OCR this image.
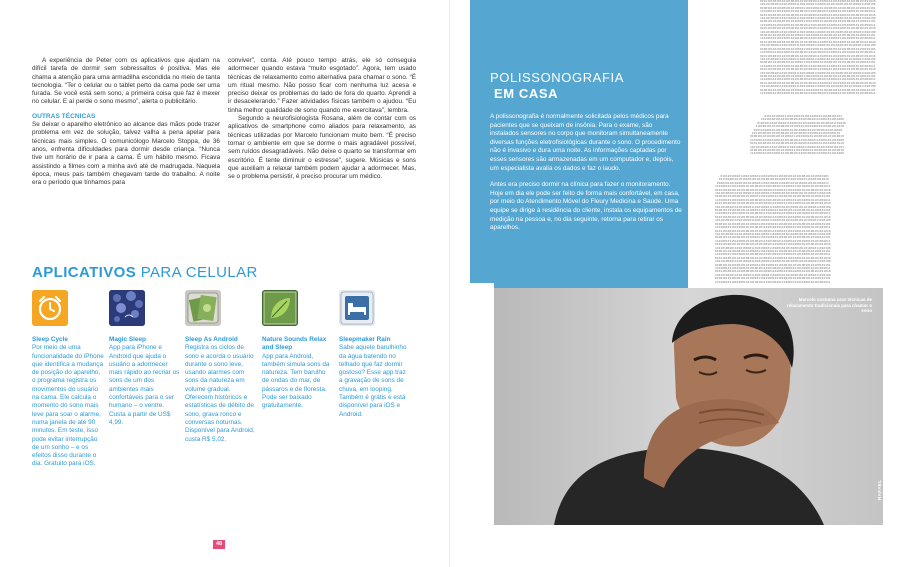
A experiência de Peter com os aplicativos que ajudam na difícil tarefa de dormir sem sobressaltos é positiva. Mas ele chama a atenção para uma armadilha escondida no meio de tanta tecnologia. “Ter o celular ou o tablet perto da cama pode ser uma furada. Se você está sem sono, a primeira coisa que faz é mexer no celular. E aí perde o sono mesmo”, alerta o publicitário.

OUTRAS TÉCNICAS

Se deixar o aparelho eletrônico ao alcance das mãos pode trazer problema em vez de solução, talvez valha a pena apelar para técnicas mais simples. O comunicólogo Marcelo Stoppa, de 36 anos, enfrenta dificuldades para dormir desde criança. “Nunca tive um horário de ir para a cama. É um hábito mesmo. Ficava assistindo a filmes com a minha avó até de madrugada. Naquela época, meus pais também chegavam tarde do trabalho. A noite era o período que tínhamos para

conviver”, conta. Até pouco tempo atrás, ele só conseguia adormecer quando estava “muito esgotado”. Agora, tem usado técnicas de relaxamento como alternativa para chamar o sono. “É um ritual mesmo. Não posso ficar com nenhuma luz acesa e preciso deixar os problemas do lado de fora do quarto. Aprendi a ir desacelerando.” Fazer atividades físicas também o ajudou. “Eu tinha melhor qualidade de sono quando me exercitava”, lembra.

Segundo a neurofisiologista Rosana, além de contar com os aplicativos de smartphone como aliados para relaxamento, as técnicas utilizadas por Marcelo funcionam muito bem. “É preciso tornar o ambiente em que se dorme o mais agradável possível, sem ruídos desagradáveis. Não deixe o quarto se transformar em escritório. É tente diminuir o estresse”, sugere. Músicas e sons que auxiliam a relaxar também podem ajudar a adormecer. Mas, se o problema persistir, é preciso procurar um médico.

APLICATIVOS PARA CELULAR
Sleep Cycle
Por meio de uma funcionalidade do iPhone que identifica a mudança de posição do aparelho, o programa registra os movimentos do usuário na cama. Ele calcula o momento do sono mais leve para soar o alarme, numa janela de até 90 minutos. Em teste, isso pode evitar interrupção de um sonho – e os efeitos disso durante o dia. Gratuito para iOS.
Magic Sleep
App para iPhone e Android que ajuda o usuário a adormecer mais rápido ao recriar os sons de um dos ambientes mais confortáveis para o ser humano – o ventre. Custa a partir de US$ 4,99.
Sleep As Android
Registra os ciclos de sono e acorda o usuário durante o sono leve, usando alarmes com sons da natureza em volume gradual. Oferecem históricos e estatísticas de débito de sono, grava ronco e conversas noturnas. Disponível para Android, custa R$ 5,02.
Nature Sounds Relax and Sleep
App para Android, também simula sons da natureza. Tem barulho de ondas do mar, de pássaros e de floresta. Pode ser baixado gratuitamente.
Sleepmaker Rain
Sabe aquele barulhinho da água batendo no telhado que faz dormir gostoso? Esse app traz a gravação de sons de chuva, em looping. Também é grátis e está disponível para iOS e Android.
48
0101101001011010100101101010010110100101101010010110100101011010
1011010010110101001011010100101101001011010100101101001011010100
0100101101010010110100101101010010110100101101010010110100101101
1101001011010100101101001011010100101101001011010100101101001011
0101101001011010100101101010010110100101101010010110100101011010
1011010010110101001011010100101101001011010100101101001011010100
0100101101010010110100101101010010110100101101010010110100101101
1101001011010100101101001011010100101101001011010100101101001011
0101101001011010100101101010010110100101101010010110100101011010
1011010010110101001011010100101101001011010100101101001011010100
0100101101010010110100101101010010110100101101010010110100101101
1101001011010100101101001011010100101101001011010100101101001011
0101101001011010100101101010010110100101101010010110100101011010
1011010010110101001011010100101101001011010100101101001011010100
0100101101010010110100101101010010110100101101010010110100101101
1101001011010100101101001011010100101101001011010100101101001011
0101101001011010100101101010010110100101101010010110100101011010
1011010010110101001011010100101101001011010100101101001011010100
0100101101010010110100101101010010110100101101010010110100101101
1101001011010100101101001011010100101101001011010100101101001011
0101101001011010100101101010010110100101101010010110100101011010
1011010010110101001011010100101101001011010100101101001011010100
0100101101010010110100101101010010110100101101010010110100101101
1101001011010100101101001011010100101101001011010100101101001011
0101101001011010100101101010010110100101101010010110100101011010
1011010010110101001011010100101101001011010100101101001011010100
0100101101010010110100101101010010110100101101010010110100101101
1101001011010100101101001011010100101101001011010100101101001011
0101101001011010100101101010010110100101101
1011010010110101001011010100101101001011010100
0100101101010010110100101101010010110100101101010
1101001011010100101101001011010100101101001011010
0101101001011010100101101010010110100101101010010
1011010010110101001011010100101101001011010100101
0100101101010010110100101101010010110100101101010010
1101001011010100101101001011010100101101001011010100
0101101001011010100101101010010110100101101010010110
1011010010110101001011010100101101001011010100101101
0100101101010010110100101101010010110100101101010010
1101001011010100101101001011010100101101001011010100
010110100101101010010110101001011010010110101001011010010101
1011010010110101001011010100101101001011010100101101001011010
01001011010100101101001011010100101101001011010100101101001011
1101001011010100101101001011010100101101001011010100101101001011
0101101001011010100101101010010110100101101010010110100101011010
1011010010110101001011010100101101001011010100101101001011010100
0100101101010010110100101101010010110100101101010010110100101101
1101001011010100101101001011010100101101001011010100101101001011
0101101001011010100101101010010110100101101010010110100101011010
1011010010110101001011010100101101001011010100101101001011010100
0100101101010010110100101101010010110100101101010010110100101101
1101001011010100101101001011010100101101001011010100101101001011
0101101001011010100101101010010110100101101010010110100101011010
1011010010110101001011010100101101001011010100101101001011010100
0100101101010010110100101101010010110100101101010010110100101101
1101001011010100101101001011010100101101001011010100101101001011
0101101001011010100101101010010110100101101010010110100101011010
1011010010110101001011010100101101001011010100101101001011010100
0100101101010010110100101101010010110100101101010010110100101101
1101001011010100101101001011010100101101001011010100101101001011
0101101001011010100101101010010110100101101010010110100101011010
1011010010110101001011010100101101001011010100101101001011010100
0100101101010010110100101101010010110100101101010010110100101101
1101001011010100101101001011010100101101001011010100101101001011
0101101001011010100101101010010110100101101010010110100101011010
1011010010110101001011010100101101001011010100101101001011010100
0100101101010010110100101101010010110100101101010010110100101101
1101001011010100101101001011010100101101001011010100101101001011
0101101001011010100101101010010110100101101010010110100101011010
1011010010110101001011010100101101001011010100101101001011010100
0100101101010010110100101101010010110100101101010010110100101101
1101001011010100101101001011010100101101001011010100101101001011
POLISSONOGRAFIA
EM CASA

A polissonografia é normalmente solicitada pelos médicos para pacientes que se queixam de insônia. Para o exame, são instalados sensores no corpo que monitoram simultaneamente diversas funções eletrofisiológicas durante o sono. O procedimento não é invasivo e dura uma noite. As informações captadas por esses sensores são armazenadas em um computador e, depois, um especialista avalia os dados e faz o laudo.

Antes era preciso dormir na clínica para fazer o monitoramento. Hoje em dia ele pode ser feito de forma mais confortável, em casa, por meio do Atendimento Móvel do Fleury Medicina e Saúde. Uma equipe se dirige à residência do cliente, instala os equipamentos de medição na pessoa e, no dia seguinte, retorna para retirar os aparelhos.

Marcelo costuma usar técnicas de relaxamento tradicionais para chamar o sono
RAFAEL RIBALIS
